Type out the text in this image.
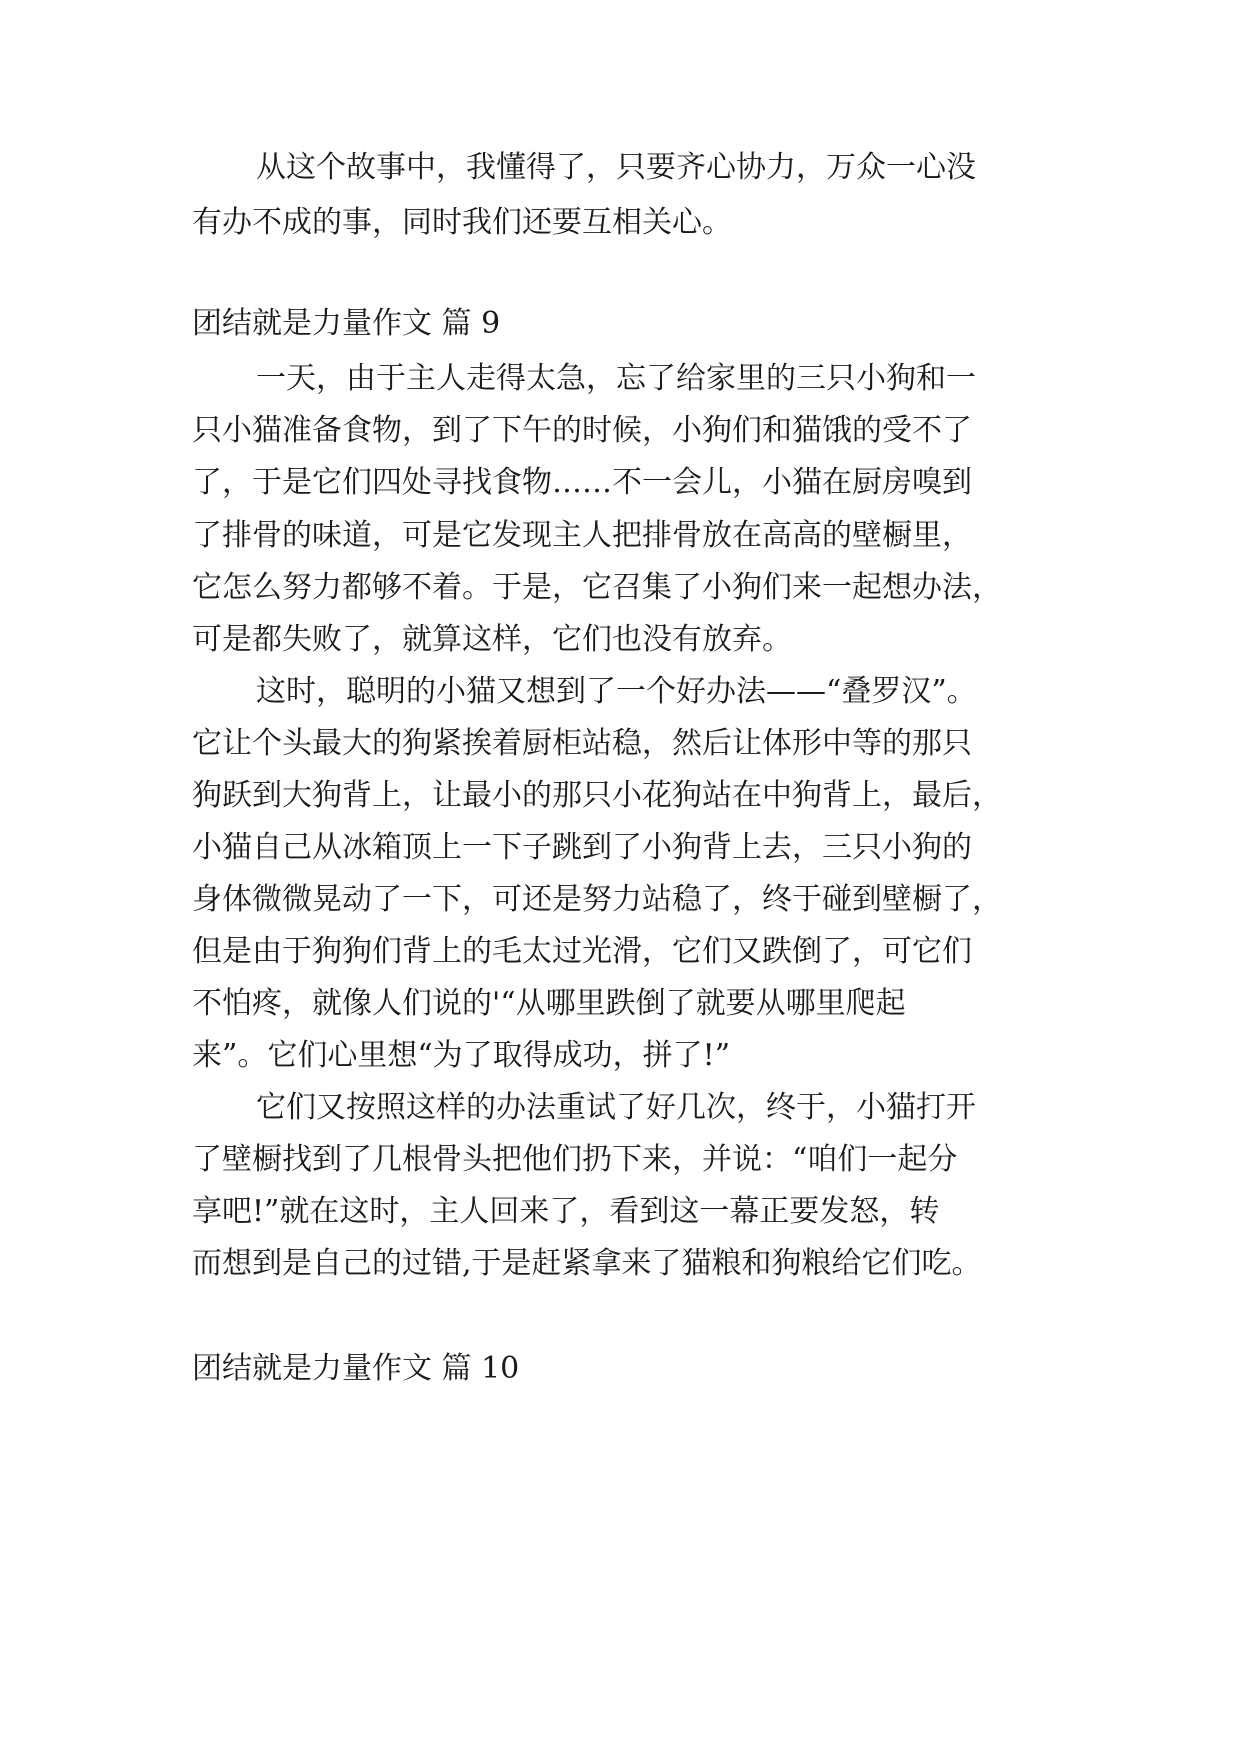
从这个故事中，我懂得了，只要齐心协力，万众一心没

有办不成的事，同时我们还要互相关心。

团结就是力量作文 篇 9

一天，由于主人走得太急，忘了给家里的三只小狗和一

只小猫准备食物，到了下午的时候，小狗们和猫饿的受不了

了，于是它们四处寻找食物……不一会儿，小猫在厨房嗅到

了排骨的味道，可是它发现主人把排骨放在高高的壁橱里，

它怎么努力都够不着。于是，它召集了小狗们来一起想办法，

可是都失败了，就算这样，它们也没有放弃。

这时，聪明的小猫又想到了一个好办法——“叠罗汉”。

它让个头最大的狗紧挨着厨柜站稳，然后让体形中等的那只

狗跃到大狗背上，让最小的那只小花狗站在中狗背上，最后，

小猫自己从冰箱顶上一下子跳到了小狗背上去，三只小狗的

身体微微晃动了一下，可还是努力站稳了，终于碰到壁橱了，

但是由于狗狗们背上的毛太过光滑，它们又跌倒了，可它们

不怕疼，就像人们说的'“从哪里跌倒了就要从哪里爬起

来”。它们心里想“为了取得成功，拼了!”

它们又按照这样的办法重试了好几次，终于，小猫打开

了壁橱找到了几根骨头把他们扔下来，并说：“咱们一起分

享吧!”就在这时，主人回来了，看到这一幕正要发怒，转

而想到是自己的过错,于是赶紧拿来了猫粮和狗粮给它们吃。

团结就是力量作文 篇 10
